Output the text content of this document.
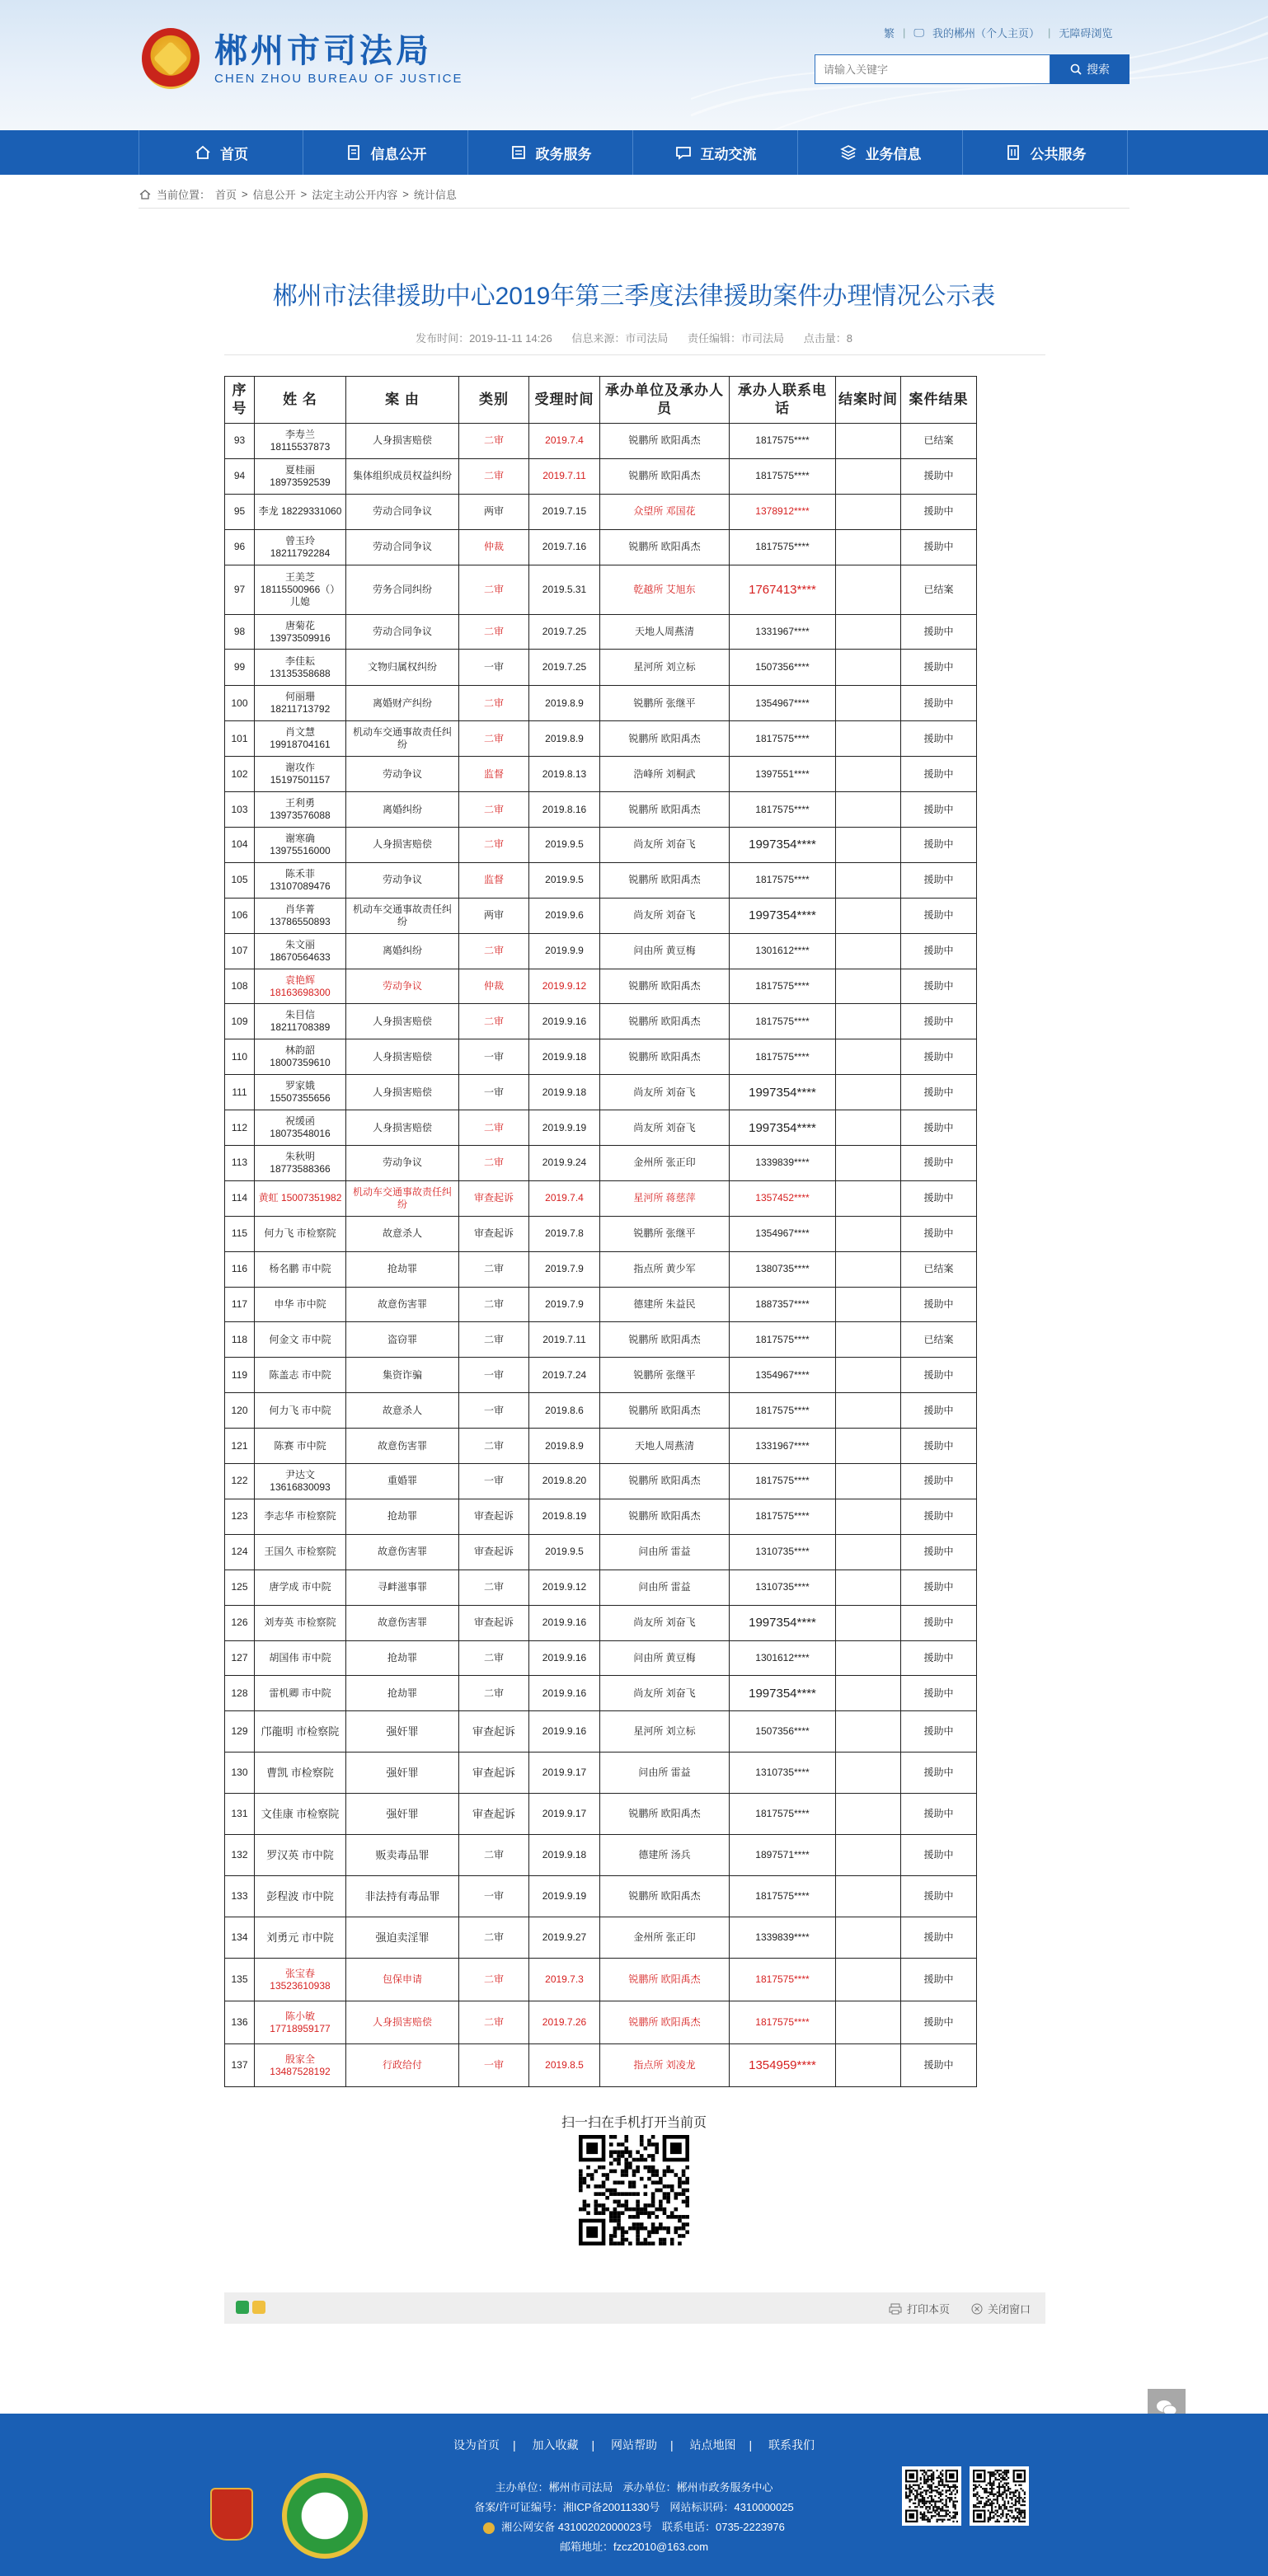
郴州市司法局
CHEN ZHOU BUREAU OF JUSTICE
繁 | 🖵 我的郴州（个人主页） | 无障碍浏览
请输入关键字
搜索
首页	信息公开	政务服务	互动交流	业务信息	公共服务
当前位置： 首页 > 信息公开 > 法定主动公开内容 > 统计信息
郴州市法律援助中心2019年第三季度法律援助案件办理情况公示表
发布时间：2019-11-11 14:26 信息来源：市司法局 责任编辑：市司法局 点击量：8
序号	姓 名	案 由	类别	受理时间	承办单位及承办人员	承办人联系电话	结案时间	案件结果
93	李寿兰 18115537873	人身损害赔偿	二审	2019.7.4	锐鹏所 欧阳禹杰	1817575****		已结案
94	夏桂丽 18973592539	集体组织成员权益纠纷	二审	2019.7.11	锐鹏所 欧阳禹杰	1817575****		援助中
95	李龙 18229331060	劳动合同争议	两审	2019.7.15	众望所 邓国花	1378912****		援助中
96	曾玉玲 18211792284	劳动合同争议	仲裁	2019.7.16	锐鹏所 欧阳禹杰	1817575****		援助中
97	王美芝 18115500966（）儿媳	劳务合同纠纷	二审	2019.5.31	乾越所 艾旭东	1767413****		已结案
98	唐菊花 13973509916	劳动合同争议	二审	2019.7.25	天地人周燕清	1331967****		援助中
99	李佳耘 13135358688	文物归属权纠纷	一审	2019.7.25	星河所 刘立标	1507356****		援助中
100	何丽珊 18211713792	离婚财产纠纷	二审	2019.8.9	锐鹏所 张继平	1354967****		援助中
101	肖文慧 19918704161	机动车交通事故责任纠纷	二审	2019.8.9	锐鹏所 欧阳禹杰	1817575****		援助中
102	谢攻作 15197501157	劳动争议	监督	2019.8.13	浩峰所 刘桐武	1397551****		援助中
103	王利勇 13973576088	离婚纠纷	二审	2019.8.16	锐鹏所 欧阳禹杰	1817575****		援助中
104	谢寒确 13975516000	人身损害赔偿	二审	2019.9.5	尚友所 刘奋飞	1997354****		援助中
105	陈禾菲 13107089476	劳动争议	监督	2019.9.5	锐鹏所 欧阳禹杰	1817575****		援助中
106	肖华菁 13786550893	机动车交通事故责任纠纷	两审	2019.9.6	尚友所 刘奋飞	1997354****		援助中
107	朱文丽 18670564633	离婚纠纷	二审	2019.9.9	问由所 黄豆梅	1301612****		援助中
108	袁艳辉 18163698300	劳动争议	仲裁	2019.9.12	锐鹏所 欧阳禹杰	1817575****		援助中
109	朱目信 18211708389	人身损害赔偿	二审	2019.9.16	锐鹏所 欧阳禹杰	1817575****		援助中
110	林韵韶 18007359610	人身损害赔偿	一审	2019.9.18	锐鹏所 欧阳禹杰	1817575****		援助中
111	罗家娥 15507355656	人身损害赔偿	一审	2019.9.18	尚友所 刘奋飞	1997354****		援助中
112	祝缓函 18073548016	人身损害赔偿	二审	2019.9.19	尚友所 刘奋飞	1997354****		援助中
113	朱秋明 18773588366	劳动争议	二审	2019.9.24	金州所 张正印	1339839****		援助中
114	黄虹 15007351982	机动车交通事故责任纠纷	审查起诉	2019.7.4	星河所 蒋慈萍	1357452****		援助中
115	何力飞 市检察院	故意杀人	审查起诉	2019.7.8	锐鹏所 张继平	1354967****		援助中
116	杨名鹏 市中院	抢劫罪	二审	2019.7.9	指点所 黄少军	1380735****		已结案
117	申华 市中院	故意伤害罪	二审	2019.7.9	德建所 朱益民	1887357****		援助中
118	何金文 市中院	盗窃罪	二审	2019.7.11	锐鹏所 欧阳禹杰	1817575****		已结案
119	陈盖志 市中院	集资诈骗	一审	2019.7.24	锐鹏所 张继平	1354967****		援助中
120	何力飞 市中院	故意杀人	一审	2019.8.6	锐鹏所 欧阳禹杰	1817575****		援助中
121	陈赛 市中院	故意伤害罪	二审	2019.8.9	天地人周燕清	1331967****		援助中
122	尹达文13616830093	重婚罪	一审	2019.8.20	锐鹏所 欧阳禹杰	1817575****		援助中
123	李志华 市检察院	抢劫罪	审查起诉	2019.8.19	锐鹏所 欧阳禹杰	1817575****		援助中
124	王国久 市检察院	故意伤害罪	审查起诉	2019.9.5	问由所 雷益	1310735****		援助中
125	唐学成 市中院	寻衅滋事罪	二审	2019.9.12	问由所 雷益	1310735****		援助中
126	刘寿英 市检察院	故意伤害罪	审查起诉	2019.9.16	尚友所 刘奋飞	1997354****		援助中
127	胡国伟 市中院	抢劫罪	二审	2019.9.16	问由所 黄豆梅	1301612****		援助中
128	雷机卿 市中院	抢劫罪	二审	2019.9.16	尚友所 刘奋飞	1997354****		援助中
129	邝龍明 市检察院	强奸罪	审查起诉	2019.9.16	星河所 刘立标	1507356****		援助中
130	曹凯 市检察院	强奸罪	审查起诉	2019.9.17	问由所 雷益	1310735****		援助中
131	文佳康 市检察院	强奸罪	审查起诉	2019.9.17	锐鹏所 欧阳禹杰	1817575****		援助中
132	罗汉英 市中院	贩卖毒品罪	二审	2019.9.18	德建所 汤兵	1897571****		援助中
133	彭程波 市中院	非法持有毒品罪	一审	2019.9.19	锐鹏所 欧阳禹杰	1817575****		援助中
134	刘勇元 市中院	强迫卖淫罪	二审	2019.9.27	金州所 张正印	1339839****		援助中
135	张宝春13523610938	包保申请	二审	2019.7.3	锐鹏所 欧阳禹杰	1817575****		援助中
136	陈小敏17718959177	人身损害赔偿	二审	2019.7.26	锐鹏所 欧阳禹杰	1817575****		援助中
137	殷家全13487528192	行政给付	一审	2019.8.5	指点所 刘凌龙	1354959****		援助中
扫一扫在手机打开当前页
打印本页	关闭窗口
设为首页 | 加入收藏 | 网站帮助 | 站点地图 | 联系我们
主办单位：郴州市司法局 承办单位：郴州市政务服务中心
备案/许可证编号：湘ICP备20011330号 网站标识码：4310000025
湘公网安备 43100202000023号 联系电话：0735-2223976
邮箱地址：fzcz2010@163.com
